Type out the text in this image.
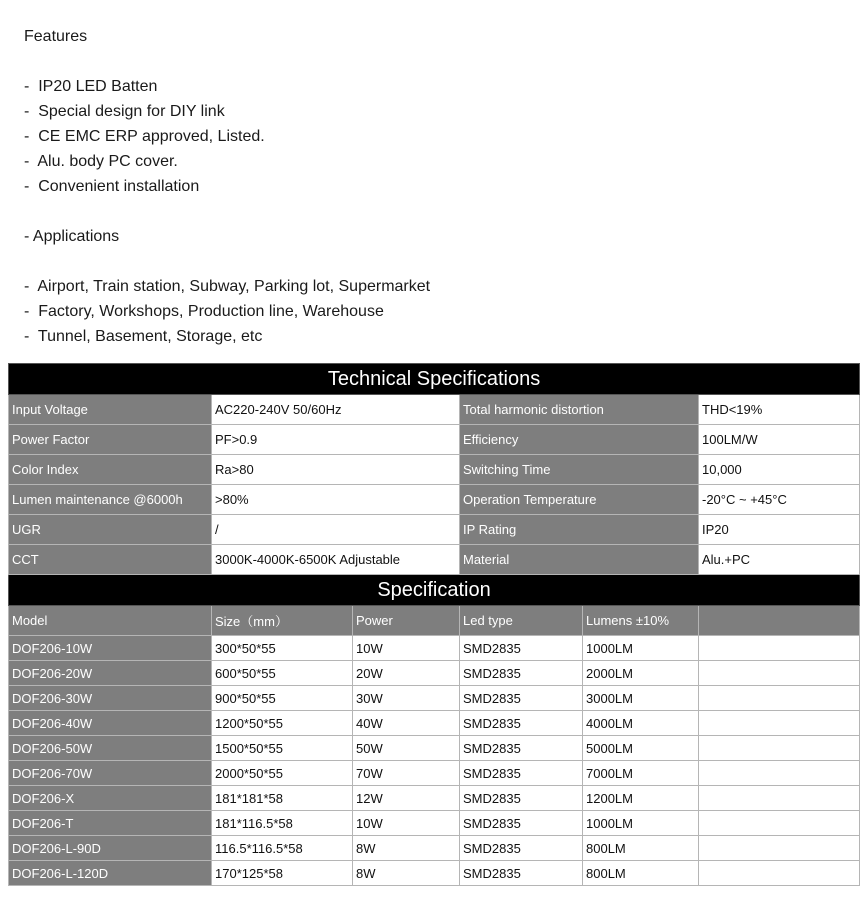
Features
-  IP20 LED Batten
-  Special design for DIY link
-  CE EMC ERP approved, Listed.
-  Alu. body PC cover.
-  Convenient installation
- Applications
-  Airport, Train station, Subway, Parking lot, Supermarket
-  Factory, Workshops, Production line, Warehouse
-  Tunnel, Basement, Storage, etc
Technical Specifications					
Input Voltage	AC220-240V 50/60Hz		Total harmonic distortion		THD<19%
Power Factor	PF>0.9		Efficiency		100LM/W
Color Index	Ra>80		Switching Time		10,000
Lumen maintenance @6000h	>80%		Operation Temperature		-20°C ~ +45°C
UGR	/		IP Rating		IP20
CCT	3000K-4000K-6500K Adjustable		Material		Alu.+PC
Specification					
Model	Size（mm）	Power	Led type	Lumens ±10%	
DOF206-10W	300*50*55	10W	SMD2835	1000LM	
DOF206-20W	600*50*55	20W	SMD2835	2000LM	
DOF206-30W	900*50*55	30W	SMD2835	3000LM	
DOF206-40W	1200*50*55	40W	SMD2835	4000LM	
DOF206-50W	1500*50*55	50W	SMD2835	5000LM	
DOF206-70W	2000*50*55	70W	SMD2835	7000LM	
DOF206-X	181*181*58	12W	SMD2835	1200LM	
DOF206-T	181*116.5*58	10W	SMD2835	1000LM	
DOF206-L-90D	116.5*116.5*58	8W	SMD2835	800LM	
DOF206-L-120D	170*125*58	8W	SMD2835	800LM	
